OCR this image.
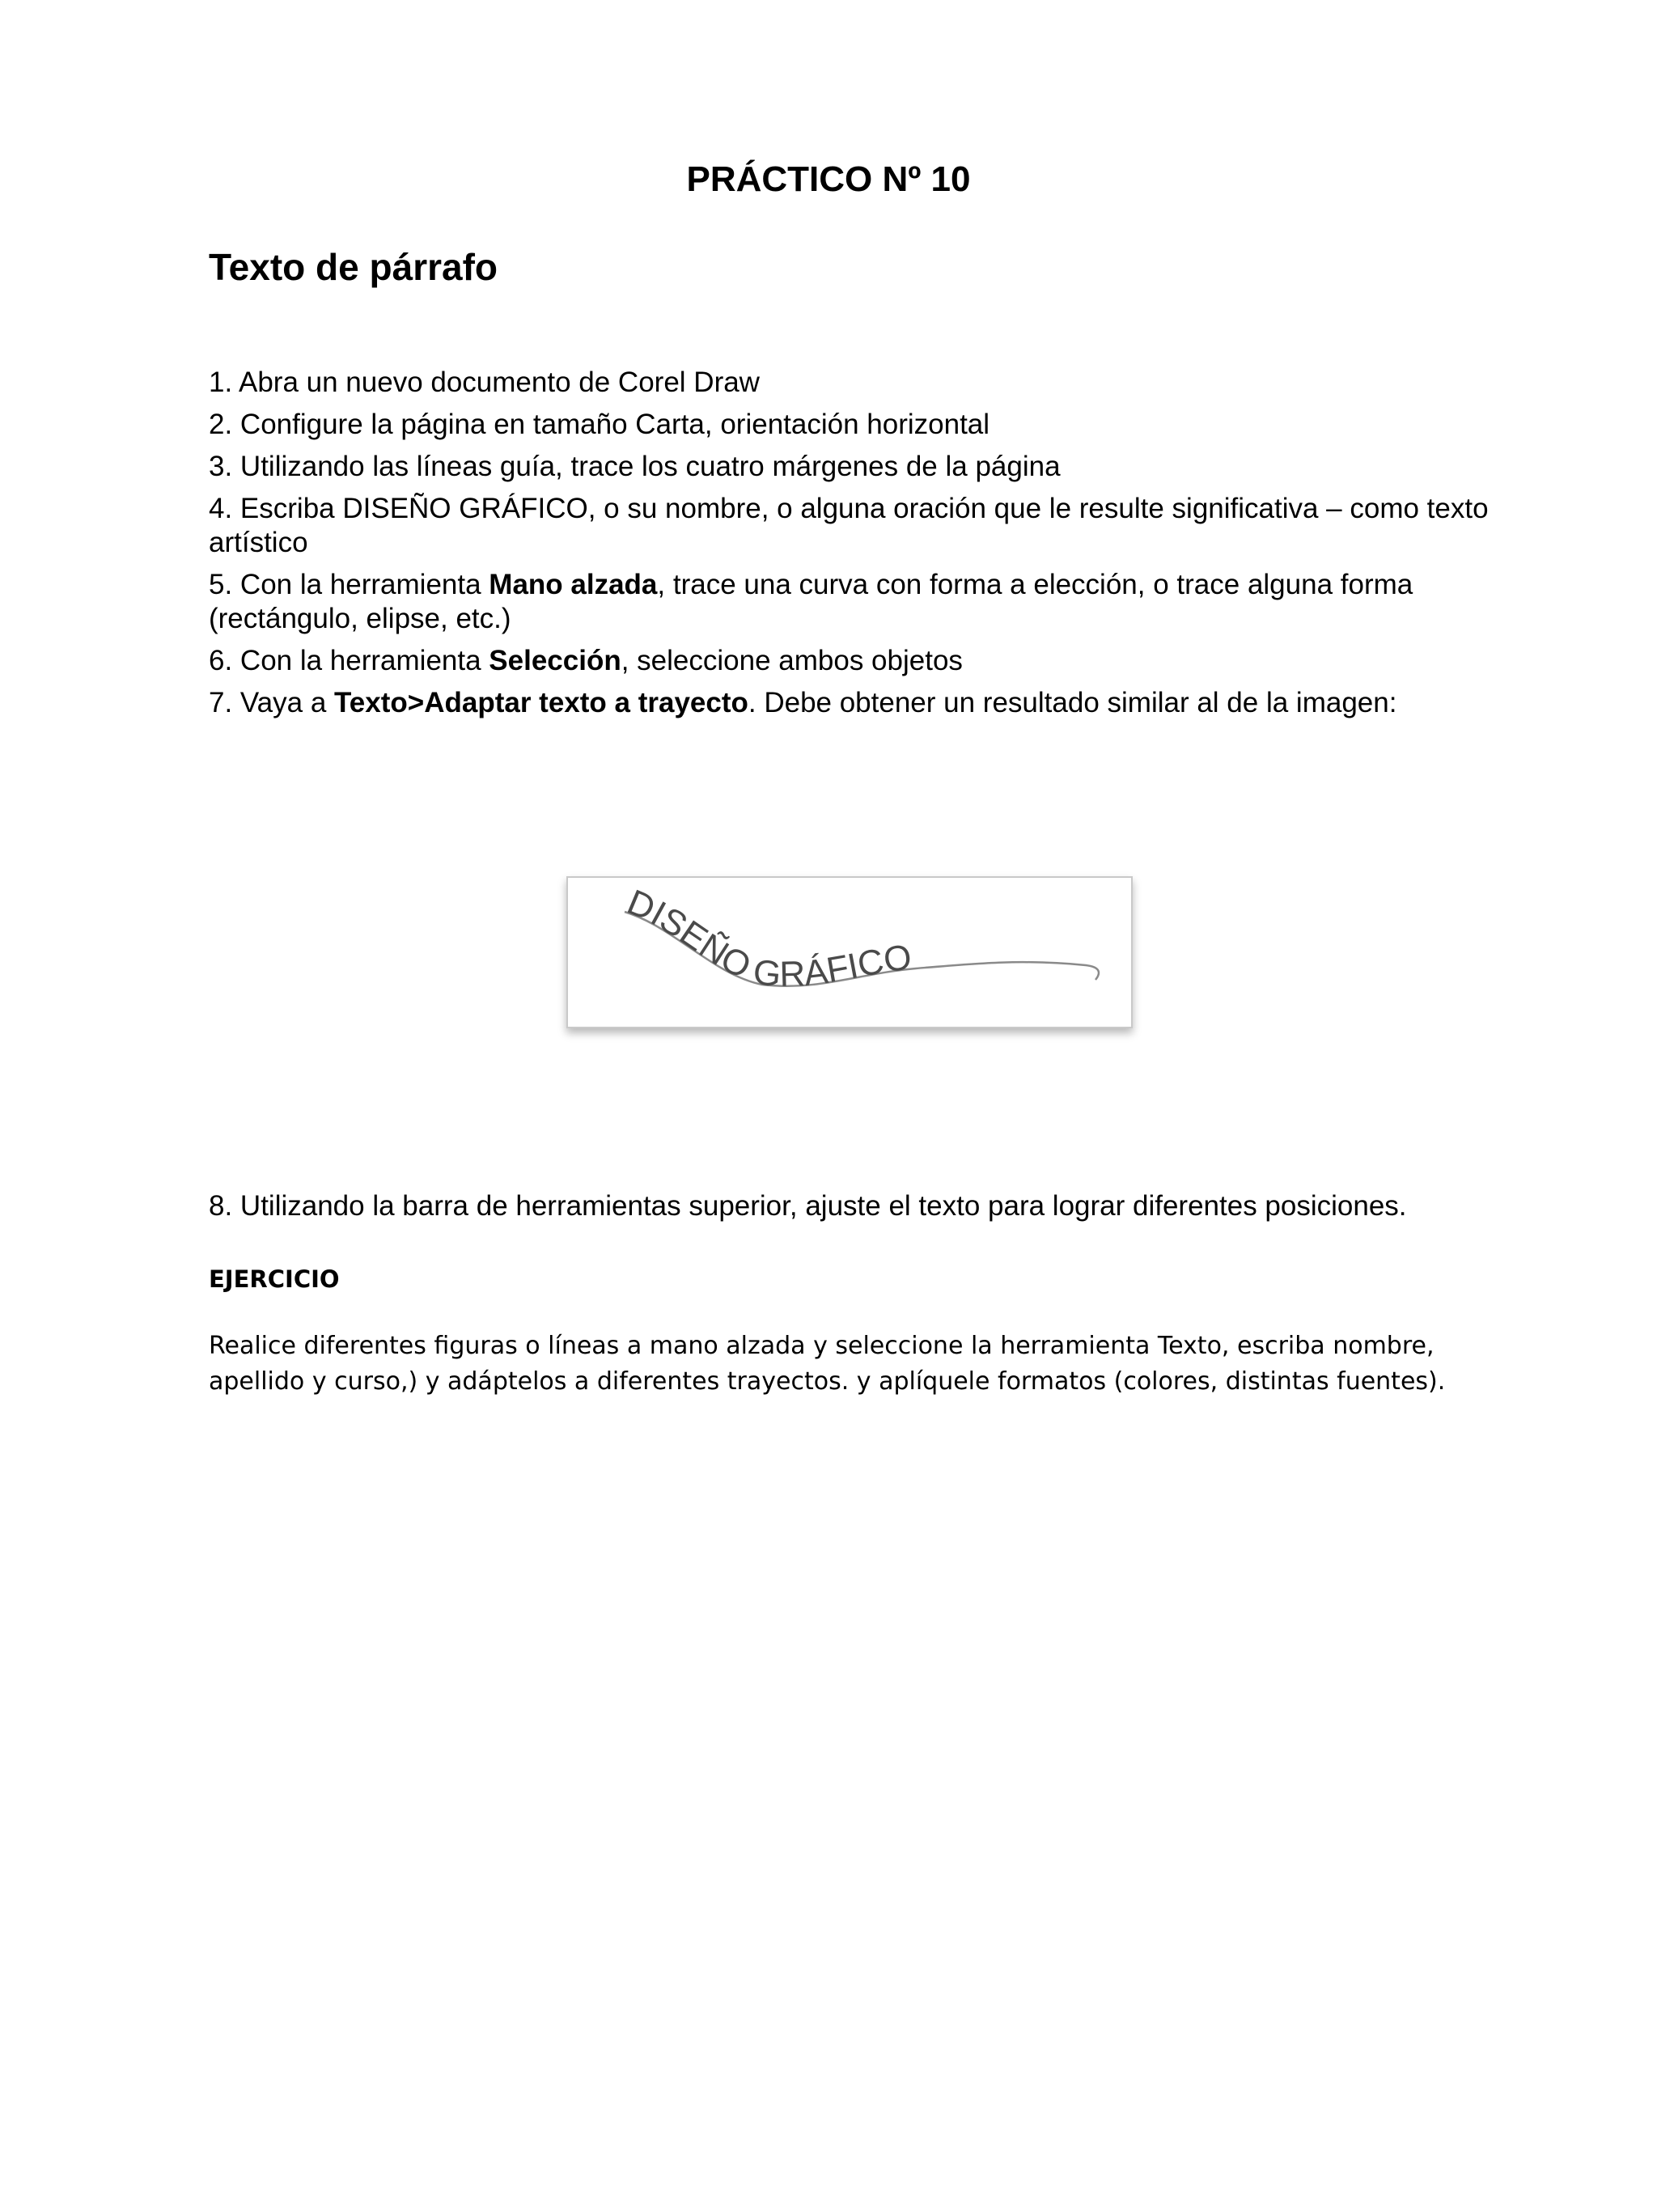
PRÁCTICO Nº 10
Texto de párrafo
1. Abra un nuevo documento de Corel Draw
2. Configure la página en tamaño Carta, orientación horizontal
3. Utilizando las líneas guía, trace los cuatro márgenes de la página
4. Escriba DISEÑO GRÁFICO, o su nombre, o alguna oración que le resulte significativa – como texto artístico
5. Con la herramienta Mano alzada, trace una curva con forma a elección, o trace alguna forma (rectángulo, elipse, etc.)
6. Con la herramienta Selección, seleccione ambos objetos
7. Vaya a Texto>Adaptar texto a trayecto. Debe obtener un resultado similar al de la imagen:
DISEÑO GRÁFICO

8. Utilizando la barra de herramientas superior, ajuste el texto para lograr diferentes posiciones.

EJERCICIO

Realice diferentes figuras o líneas a mano alzada y seleccione la herramienta Texto, escriba nombre, apellido y curso,) y adáptelos a diferentes trayectos. y aplíquele formatos (colores, distintas fuentes).
